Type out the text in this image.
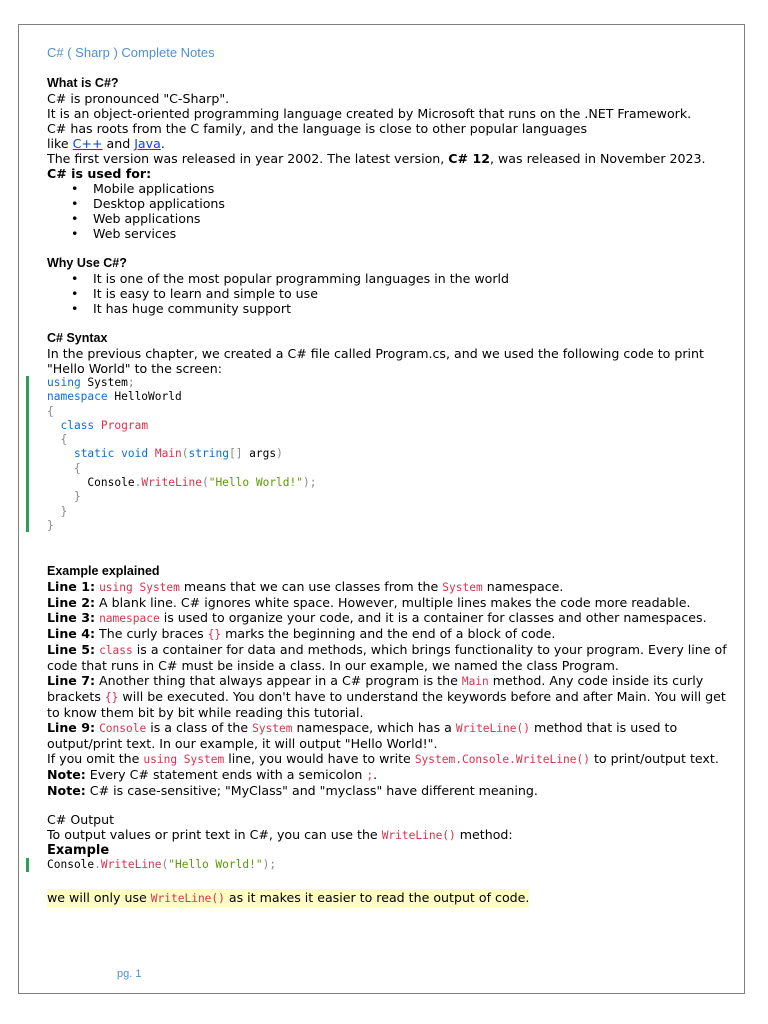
C# ( Sharp ) Complete Notes
What is C#?
C# is pronounced "C-Sharp".
It is an object-oriented programming language created by Microsoft that runs on the .NET Framework.
C# has roots from the C family, and the language is close to other popular languages
like C++ and Java.
The first version was released in year 2002. The latest version, C# 12, was released in November 2023.
C# is used for:
• Mobile applications
• Desktop applications
• Web applications
• Web services
Why Use C#?
• It is one of the most popular programming languages in the world
• It is easy to learn and simple to use
• It has huge community support
C# Syntax
In the previous chapter, we created a C# file called Program.cs, and we used the following code to print "Hello World" to the screen:
using System;
namespace HelloWorld
{
class Program
{
static void Main(string[] args)
{
Console.WriteLine("Hello World!");
}
}
}
Example explained
Line 1: using System means that we can use classes from the System namespace.
Line 2: A blank line. C# ignores white space. However, multiple lines makes the code more readable.
Line 3: namespace is used to organize your code, and it is a container for classes and other namespaces.
Line 4: The curly braces {} marks the beginning and the end of a block of code.
Line 5: class is a container for data and methods, which brings functionality to your program. Every line of code that runs in C# must be inside a class. In our example, we named the class Program.
Line 7: Another thing that always appear in a C# program is the Main method. Any code inside its curly brackets {} will be executed. You don't have to understand the keywords before and after Main. You will get to know them bit by bit while reading this tutorial.
Line 9: Console is a class of the System namespace, which has a WriteLine() method that is used to output/print text. In our example, it will output "Hello World!".
If you omit the using System line, you would have to write System.Console.WriteLine() to print/output text.
Note: Every C# statement ends with a semicolon ;.
Note: C# is case-sensitive; "MyClass" and "myclass" have different meaning.
C# Output
To output values or print text in C#, you can use the WriteLine() method:
Example
Console.WriteLine("Hello World!");
we will only use WriteLine() as it makes it easier to read the output of code.
pg. 1
